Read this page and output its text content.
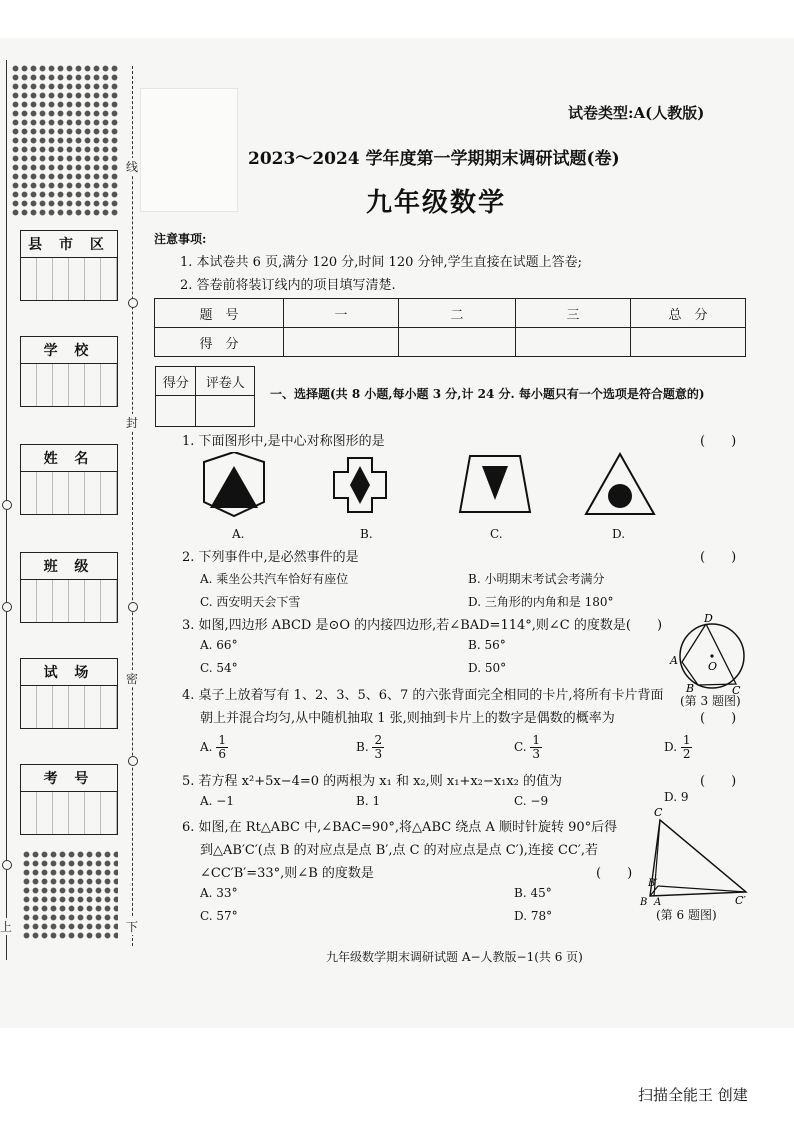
线
封
密
下
上
县 市 区
学 校
姓 名
班 级
试 场
考 号
试卷类型:A(人教版)
2023～2024 学年度第一学期期末调研试题(卷)
九年级数学
注意事项:
1. 本试卷共 6 页,满分 120 分,时间 120 分钟,学生直接在试题上答卷;
2. 答卷前将装订线内的项目填写清楚.
题　号	一	二	三	总　分
得　分				
得分	评卷人

一、选择题(共 8 小题,每小题 3 分,计 24 分. 每小题只有一个选项是符合题意的)
1. 下面图形中,是中心对称图形的是	(　　)
A.	B.	C.	D.
2. 下列事件中,是必然事件的是	(　　)
A. 乘坐公共汽车恰好有座位	B. 小明期末考试会考满分
C. 西安明天会下雪	D. 三角形的内角和是 180°
3. 如图,四边形 ABCD 是⊙O 的内接四边形,若∠BAD=114°,则∠C 的度数是(　　)
A. 66°	B. 56°
C. 54°	D. 50°
D
A	O
B	C
(第 3 题图)
4. 桌子上放着写有 1、2、3、5、6、7 的六张背面完全相同的卡片,将所有卡片背面
朝上并混合均匀,从中随机抽取 1 张,则抽到卡片上的数字是偶数的概率为	(　　)
A. $\frac{1}{6}$	B. $\frac{2}{3}$	C. $\frac{1}{3}$	D. $\frac{1}{2}$
5. 若方程 x²+5x−4=0 的两根为 x₁ 和 x₂,则 x₁+x₂−x₁x₂ 的值为	(　　)
A. −1	B. 1	C. −9	D. 9
6. 如图,在 Rt△ABC 中,∠BAC=90°,将△ABC 绕点 A 顺时针旋转 90°后得
到△AB′C′(点 B 的对应点是点 B′,点 C 的对应点是点 C′),连接 CC′,若
∠CC′B′=33°,则∠B 的度数是	(　　)
A. 33°	B. 45°
C. 57°	D. 78°
C
B′
A
B	C′
(第 6 题图)
九年级数学期末调研试题 A−人教版−1(共 6 页)
扫描全能王 创建
